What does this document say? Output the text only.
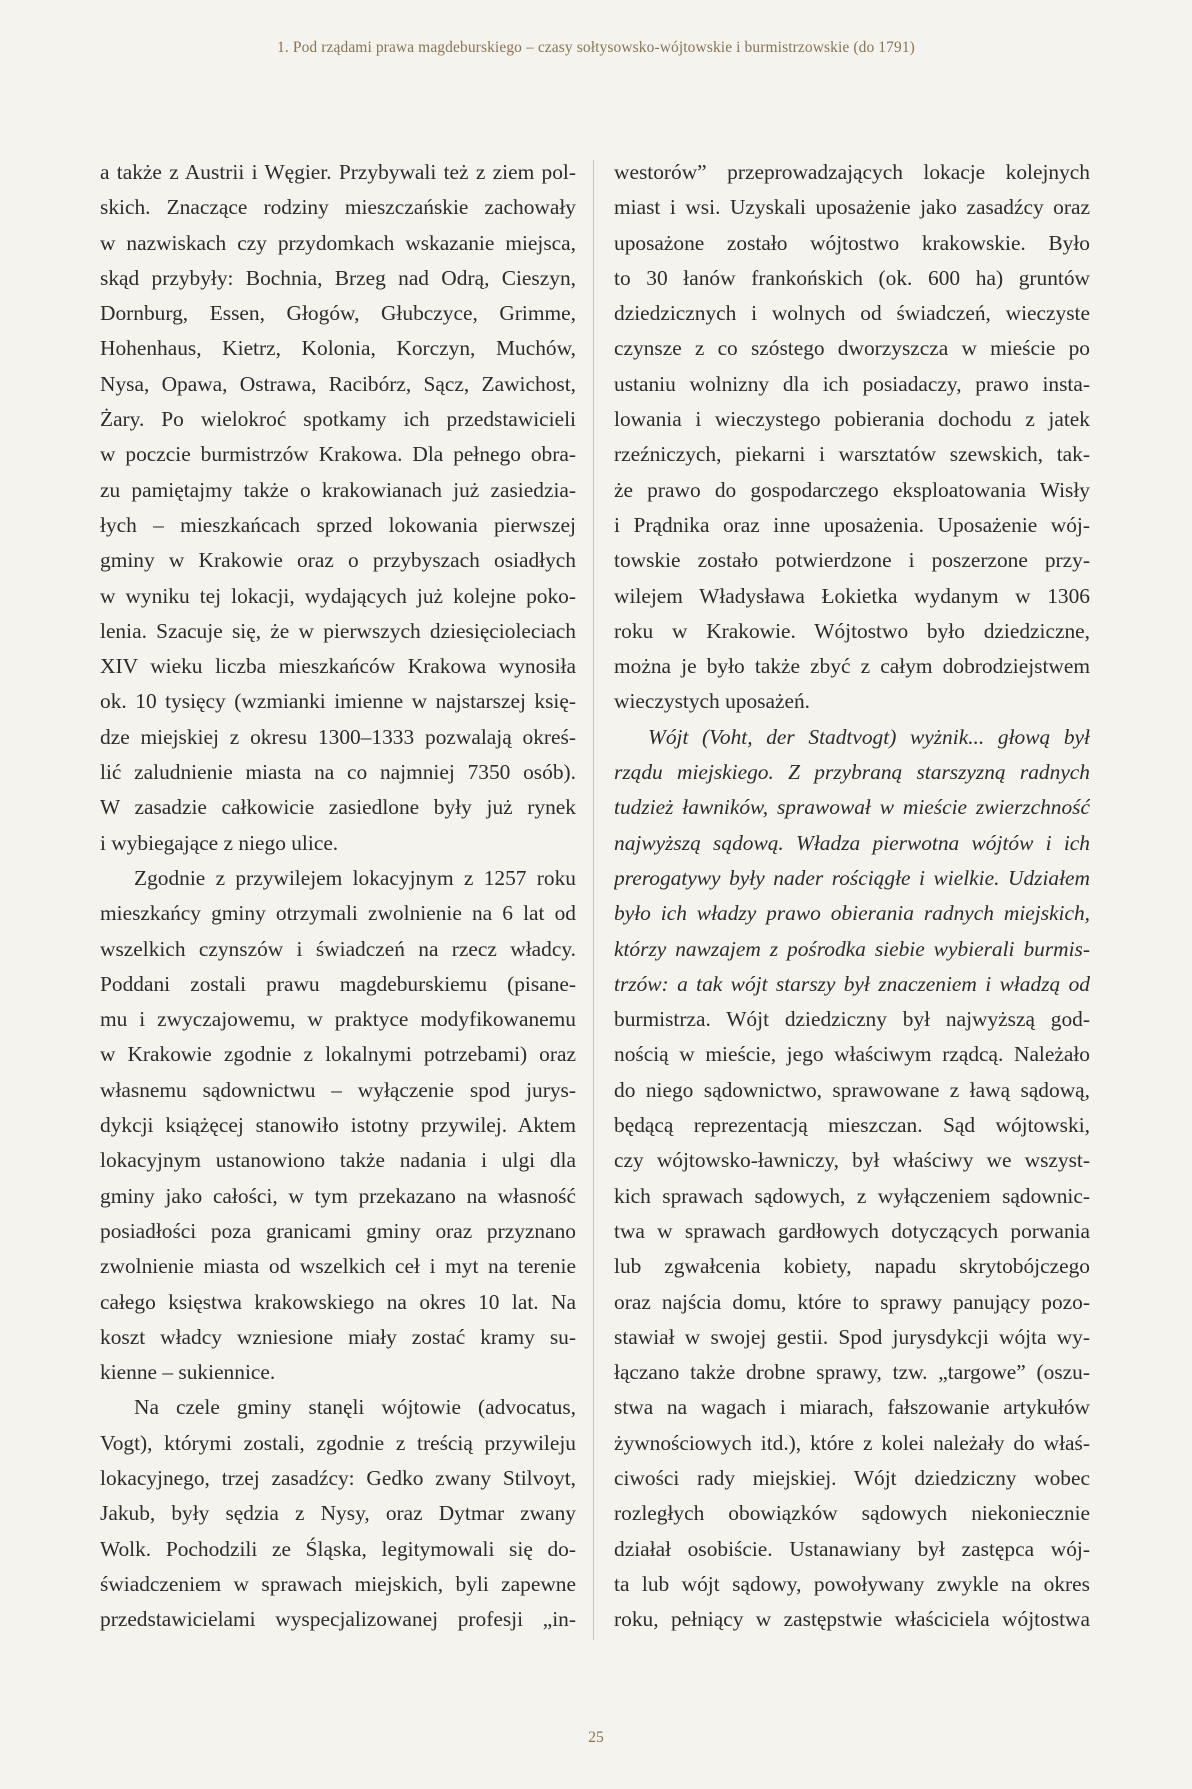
1. Pod rządami prawa magdeburskiego – czasy sołtysowsko-wójtowskie i burmistrzowskie (do 1791)
a także z Austrii i Węgier. Przybywali też z ziem pol-
skich. Znaczące rodziny mieszczańskie zachowały
w nazwiskach czy przydomkach wskazanie miejsca,
skąd przybyły: Bochnia, Brzeg nad Odrą, Cieszyn,
Dornburg, Essen, Głogów, Głubczyce, Grimme,
Hohenhaus, Kietrz, Kolonia, Korczyn, Muchów,
Nysa, Opawa, Ostrawa, Racibórz, Sącz, Zawichost,
Żary. Po wielokroć spotkamy ich przedstawicieli
w poczcie burmistrzów Krakowa. Dla pełnego obra-
zu pamiętajmy także o krakowianach już zasiedzia-
łych – mieszkańcach sprzed lokowania pierwszej
gminy w Krakowie oraz o przybyszach osiadłych
w wyniku tej lokacji, wydających już kolejne poko-
lenia. Szacuje się, że w pierwszych dziesięcioleciach
XIV wieku liczba mieszkańców Krakowa wynosiła
ok. 10 tysięcy (wzmianki imienne w najstarszej księ-
dze miejskiej z okresu 1300–1333 pozwalają okreś-
lić zaludnienie miasta na co najmniej 7350 osób).
W zasadzie całkowicie zasiedlone były już rynek
i wybiegające z niego ulice.
Zgodnie z przywilejem lokacyjnym z 1257 roku
mieszkańcy gminy otrzymali zwolnienie na 6 lat od
wszelkich czynszów i świadczeń na rzecz władcy.
Poddani zostali prawu magdeburskiemu (pisane-
mu i zwyczajowemu, w praktyce modyfikowanemu
w Krakowie zgodnie z lokalnymi potrzebami) oraz
własnemu sądownictwu – wyłączenie spod jurys-
dykcji książęcej stanowiło istotny przywilej. Aktem
lokacyjnym ustanowiono także nadania i ulgi dla
gminy jako całości, w tym przekazano na własność
posiadłości poza granicami gminy oraz przyznano
zwolnienie miasta od wszelkich ceł i myt na terenie
całego księstwa krakowskiego na okres 10 lat. Na
koszt władcy wzniesione miały zostać kramy su-
kienne – sukiennice.
Na czele gminy stanęli wójtowie (advocatus,
Vogt), którymi zostali, zgodnie z treścią przywileju
lokacyjnego, trzej zasadźcy: Gedko zwany Stilvoyt,
Jakub, były sędzia z Nysy, oraz Dytmar zwany
Wolk. Pochodzili ze Śląska, legitymowali się do-
świadczeniem w sprawach miejskich, byli zapewne
przedstawicielami wyspecjalizowanej profesji „in-
westorów” przeprowadzających lokacje kolejnych
miast i wsi. Uzyskali uposażenie jako zasadźcy oraz
uposażone zostało wójtostwo krakowskie. Było
to 30 łanów frankońskich (ok. 600 ha) gruntów
dziedzicznych i wolnych od świadczeń, wieczyste
czynsze z co szóstego dworzyszcza w mieście po
ustaniu wolnizny dla ich posiadaczy, prawo insta-
lowania i wieczystego pobierania dochodu z jatek
rzeźniczych, piekarni i warsztatów szewskich, tak-
że prawo do gospodarczego eksploatowania Wisły
i Prądnika oraz inne uposażenia. Uposażenie wój-
towskie zostało potwierdzone i poszerzone przy-
wilejem Władysława Łokietka wydanym w 1306
roku w Krakowie. Wójtostwo było dziedziczne,
można je było także zbyć z całym dobrodziejstwem
wieczystych uposażeń.
Wójt (Voht, der Stadtvogt) wyżnik... głową był
rządu miejskiego. Z przybraną starszyzną radnych
tudzież ławników, sprawował w mieście zwierzchność
najwyższą sądową. Władza pierwotna wójtów i ich
prerogatywy były nader rościągłe i wielkie. Udziałem
było ich władzy prawo obierania radnych miejskich,
którzy nawzajem z pośrodka siebie wybierali burmis-
trzów: a tak wójt starszy był znaczeniem i władzą od
burmistrza. Wójt dziedziczny był najwyższą god-
nością w mieście, jego właściwym rządcą. Należało
do niego sądownictwo, sprawowane z ławą sądową,
będącą reprezentacją mieszczan. Sąd wójtowski,
czy wójtowsko-ławniczy, był właściwy we wszyst-
kich sprawach sądowych, z wyłączeniem sądownic-
twa w sprawach gardłowych dotyczących porwania
lub zgwałcenia kobiety, napadu skrytobójczego
oraz najścia domu, które to sprawy panujący pozo-
stawiał w swojej gestii. Spod jurysdykcji wójta wy-
łączano także drobne sprawy, tzw. „targowe” (oszu-
stwa na wagach i miarach, fałszowanie artykułów
żywnościowych itd.), które z kolei należały do właś-
ciwości rady miejskiej. Wójt dziedziczny wobec
rozległych obowiązków sądowych niekoniecznie
działał osobiście. Ustanawiany był zastępca wój-
ta lub wójt sądowy, powoływany zwykle na okres
roku, pełniący w zastępstwie właściciela wójtostwa
25
